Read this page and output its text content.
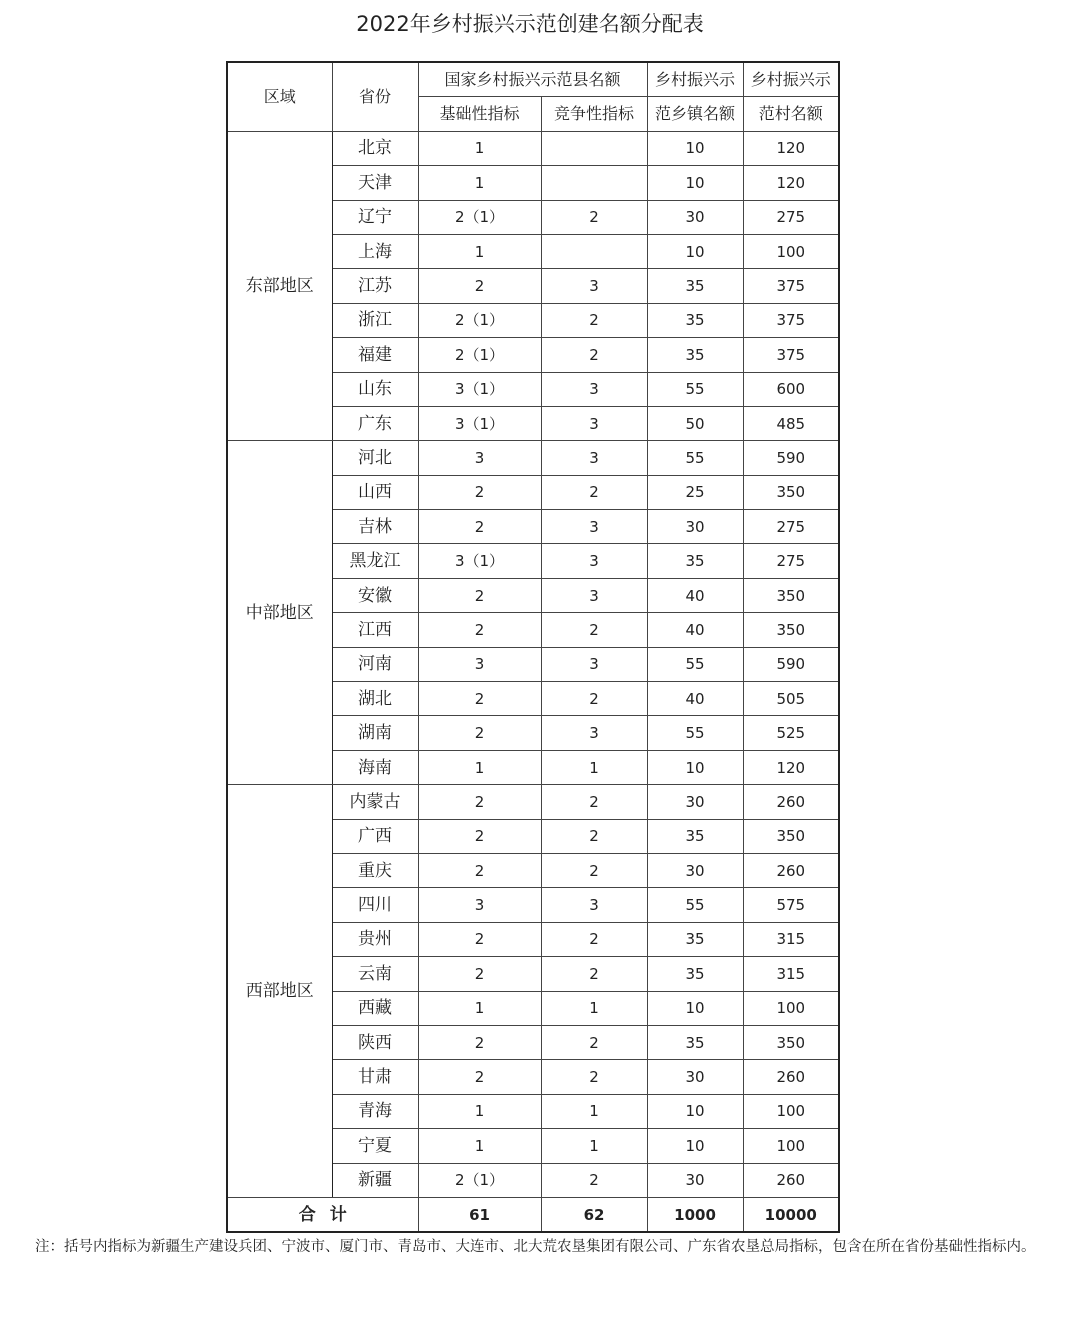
2022年乡村振兴示范创建名额分配表
区域	省份	国家乡村振兴示范县名额		乡村振兴示	乡村振兴示
		基础性指标	竞争性指标	范乡镇名额	范村名额
东部地区	北京	1		10	120
	天津	1		10	120
	辽宁	2（1）	2	30	275
	上海	1		10	100
	江苏	2	3	35	375
	浙江	2（1）	2	35	375
	福建	2（1）	2	35	375
	山东	3（1）	3	55	600
	广东	3（1）	3	50	485
中部地区	河北	3	3	55	590
	山西	2	2	25	350
	吉林	2	3	30	275
	黑龙江	3（1）	3	35	275
	安徽	2	3	40	350
	江西	2	2	40	350
	河南	3	3	55	590
	湖北	2	2	40	505
	湖南	2	3	55	525
	海南	1	1	10	120
西部地区	内蒙古	2	2	30	260
	广西	2	2	35	350
	重庆	2	2	30	260
	四川	3	3	55	575
	贵州	2	2	35	315
	云南	2	2	35	315
	西藏	1	1	10	100
	陕西	2	2	35	350
	甘肃	2	2	30	260
	青海	1	1	10	100
	宁夏	1	1	10	100
	新疆	2（1）	2	30	260
合计		61	62	1000	10000
注：括号内指标为新疆生产建设兵团、宁波市、厦门市、青岛市、大连市、北大荒农垦集团有限公司、广东省农垦总局指标，包含在所在省份基础性指标内。
